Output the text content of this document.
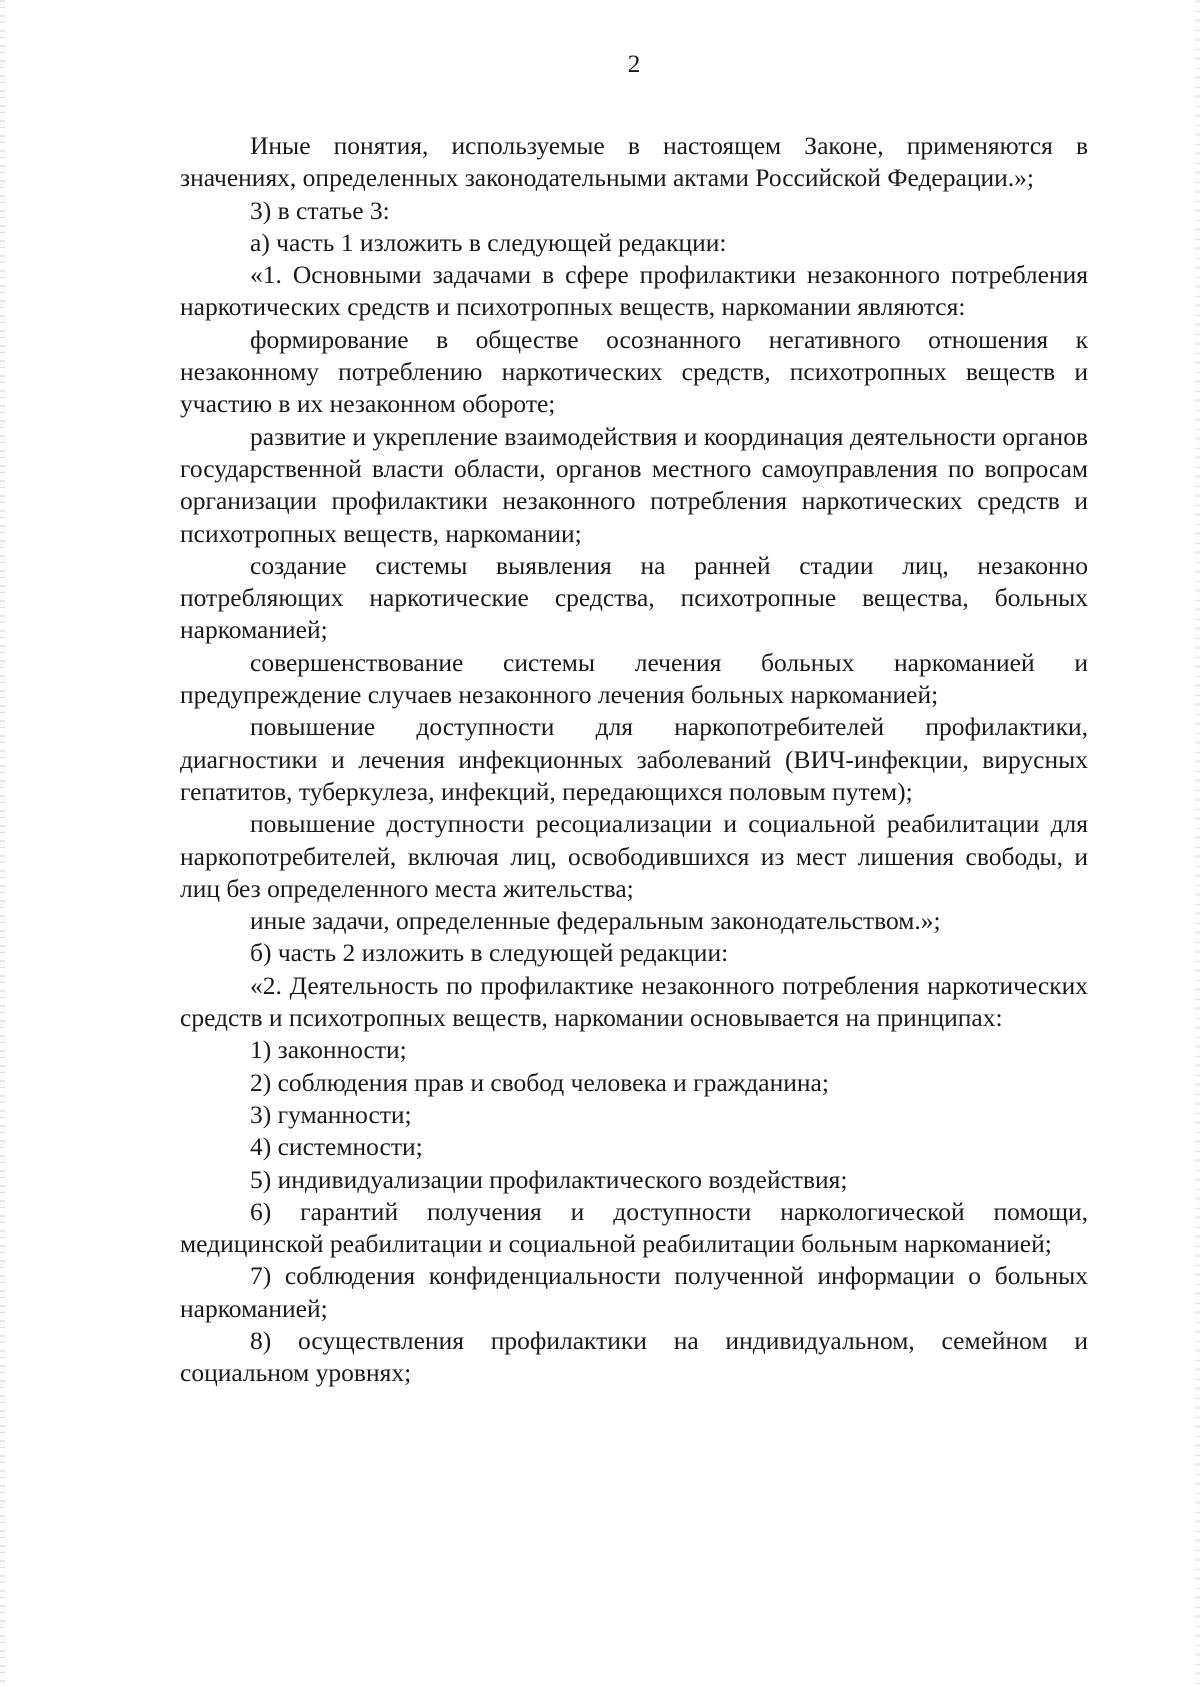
2

Иные понятия, используемые в настоящем Законе, применяются в значениях, определенных законодательными актами Российской Федерации.»;

3) в статье 3:

а) часть 1 изложить в следующей редакции:

«1. Основными задачами в сфере профилактики незаконного потребления наркотических средств и психотропных веществ, наркомании являются:

формирование в обществе осознанного негативного отношения к незаконному потреблению наркотических средств, психотропных веществ и участию в их незаконном обороте;

развитие и укрепление взаимодействия и координация деятельности органов государственной власти области, органов местного самоуправления по вопросам организации профилактики незаконного потребления наркотических средств и психотропных веществ, наркомании;

создание системы выявления на ранней стадии лиц, незаконно потребляющих наркотические средства, психотропные вещества, больных наркоманией;

совершенствование системы лечения больных наркоманией и предупреждение случаев незаконного лечения больных наркоманией;

повышение доступности для наркопотребителей профилактики, диагностики и лечения инфекционных заболеваний (ВИЧ-инфекции, вирусных гепатитов, туберкулеза, инфекций, передающихся половым путем);

повышение доступности ресоциализации и социальной реабилитации для наркопотребителей, включая лиц, освободившихся из мест лишения свободы, и лиц без определенного места жительства;

иные задачи, определенные федеральным законодательством.»;

б) часть 2 изложить в следующей редакции:

«2. Деятельность по профилактике незаконного потребления наркотических средств и психотропных веществ, наркомании основывается на принципах:

1) законности;

2) соблюдения прав и свобод человека и гражданина;

3) гуманности;

4) системности;

5) индивидуализации профилактического воздействия;

6) гарантий получения и доступности наркологической помощи, медицинской реабилитации и социальной реабилитации больным наркоманией;

7) соблюдения конфиденциальности полученной информации о больных наркоманией;

8) осуществления профилактики на индивидуальном, семейном и социальном уровнях;
